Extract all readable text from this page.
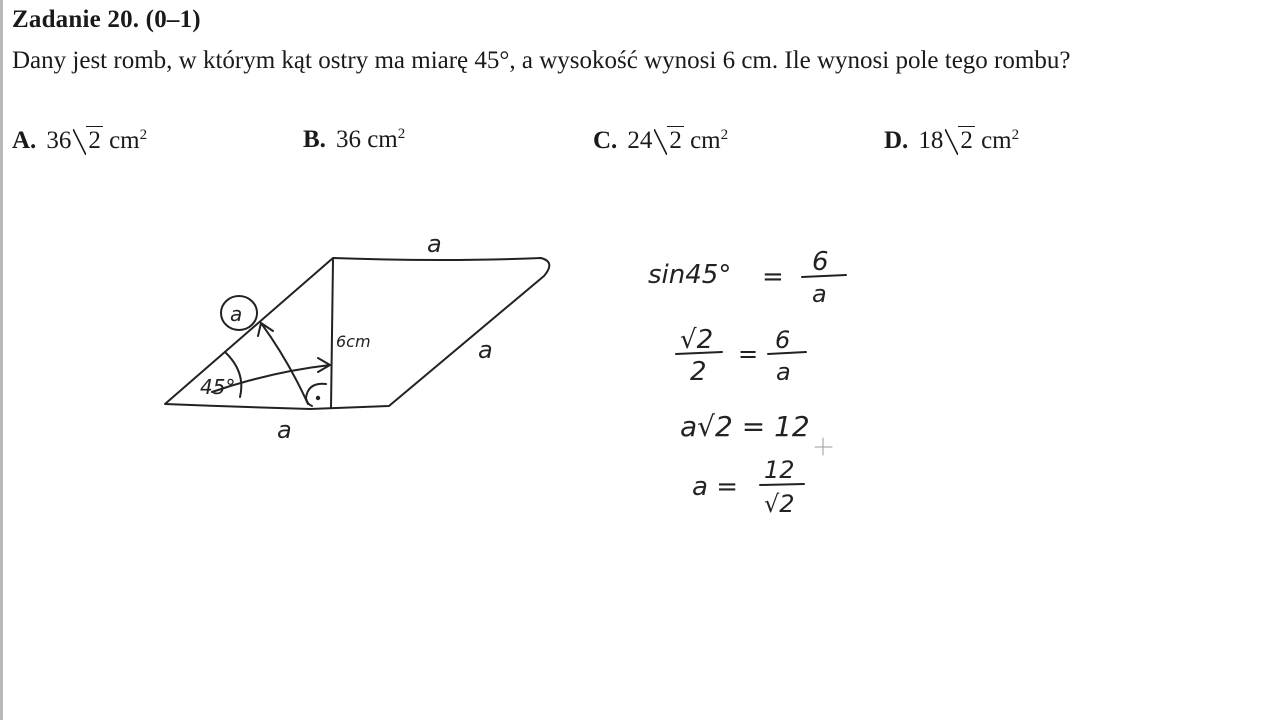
Zadanie 20. (0–1)
Dany jest romb, w którym kąt ostry ma miarę 45°, a wysokość wynosi 6 cm. Ile wynosi pole tego rombu?
A. 36 2 $cm^2$	B. 36 $cm^2$	C. 24 2 $cm^2$	D. 18 2 $cm^2$
a
a
a
a
45°
6cm
sin45° = 6
a
√2
2
= 6
a
a√2 = 12
a =
12
√2
